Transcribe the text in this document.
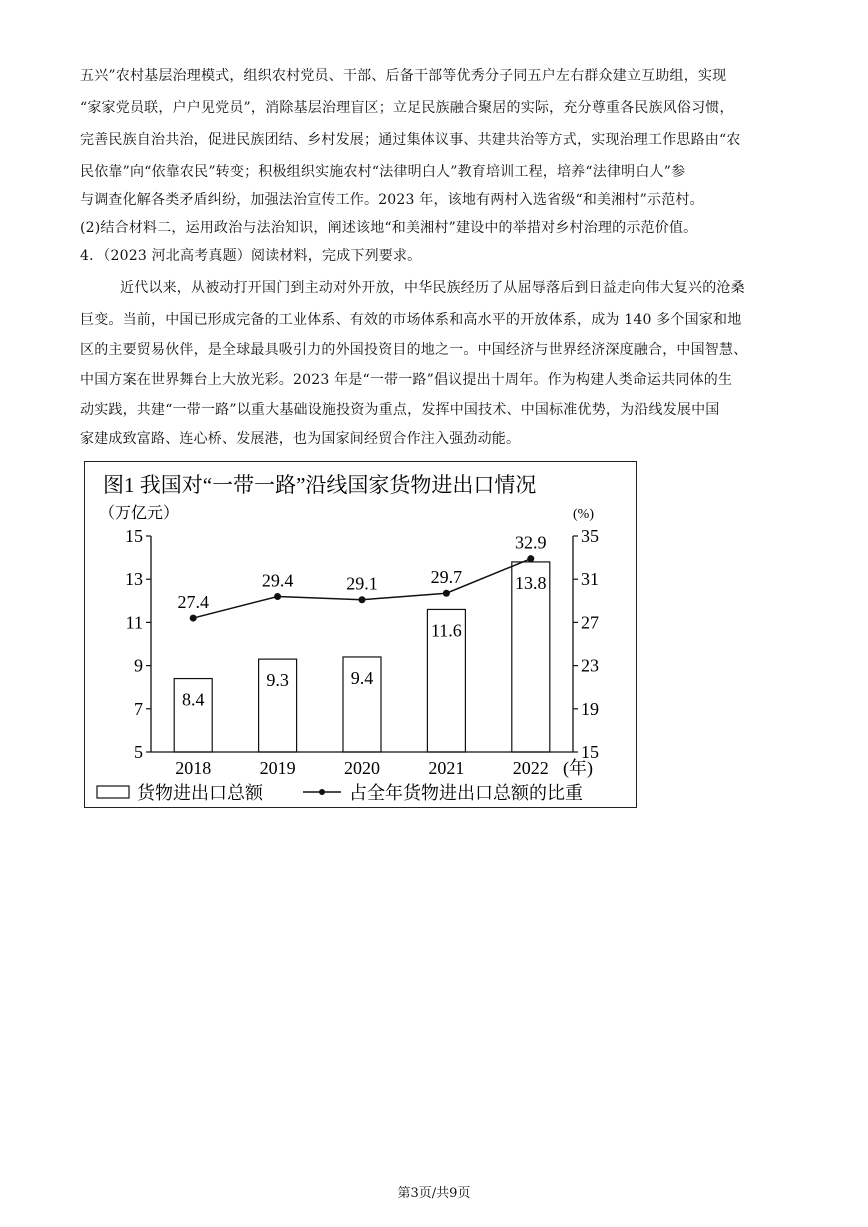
五兴”农村基层治理模式，组织农村党员、干部、后备干部等优秀分子同五户左右群众建立互助组，实现
“家家党员联，户户见党员”，消除基层治理盲区；立足民族融合聚居的实际，充分尊重各民族风俗习惯，
完善民族自治共治，促进民族团结、乡村发展；通过集体议事、共建共治等方式，实现治理工作思路由“农
民依靠”向“依靠农民”转变；积极组织实施农村“法律明白人”教育培训工程，培养“法律明白人”参
与调查化解各类矛盾纠纷，加强法治宣传工作。2023 年，该地有两村入选省级“和美湘村”示范村。
(2)结合材料二，运用政治与法治知识，阐述该地“和美湘村”建设中的举措对乡村治理的示范价值。
4．（2023 河北高考真题）阅读材料，完成下列要求。
近代以来，从被动打开国门到主动对外开放，中华民族经历了从屈辱落后到日益走向伟大复兴的沧桑
巨变。当前，中国已形成完备的工业体系、有效的市场体系和高水平的开放体系，成为 140 多个国家和地
区的主要贸易伙伴，是全球最具吸引力的外国投资目的地之一。中国经济与世界经济深度融合，中国智慧、
中国方案在世界舞台上大放光彩。2023 年是“一带一路”倡议提出十周年。作为构建人类命运共同体的生
动实践，共建“一带一路”以重大基础设施投资为重点，发挥中国技术、中国标准优势，为沿线发展中国
家建成致富路、连心桥、发展港，也为国家间经贸合作注入强劲动能。
图1 我国对“一带一路”沿线国家货物进出口情况
（万亿元）	(%)
(年)
15
13
11
9
7
5
35
31
27
23
19
15
8.4
2018
9.3
2019
9.4
2020
11.6
2021
13.8
2022
27.4
29.4	29.1	29.7
32.9
货物进出口总额	占全年货物进出口总额的比重
第3页/共9页
